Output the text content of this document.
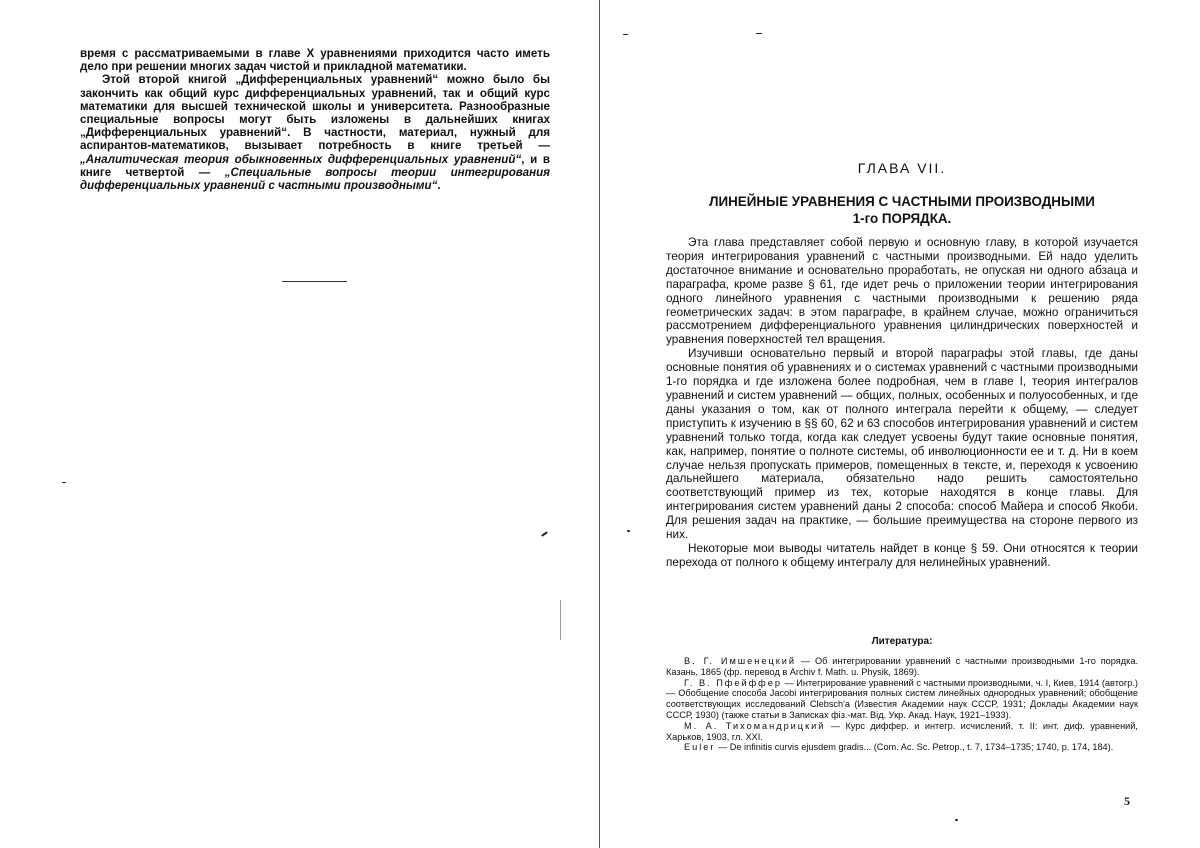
время с рассматриваемыми в главе X уравнениями приходится часто иметь дело при решении многих задач чистой и прикладной математики.

Этой второй книгой „Дифференциальных уравнений“ можно было бы закончить как общий курс дифференциальных уравнений, так и общий курс математики для высшей технической школы и университета. Разнообразные специальные вопросы могут быть изложены в дальнейших книгах „Дифференциальных уравнений“. В частности, материал, нужный для аспирантов-математиков, вызывает потребность в книге третьей — „Аналитическая теория обыкновенных дифференциальных уравнений“, и в книге четвертой — „Специальные вопросы теории интегрирования дифференциальных уравнений с частными производными“.

ГЛАВА VII.
ЛИНЕЙНЫЕ УРАВНЕНИЯ С ЧАСТНЫМИ ПРОИЗВОДНЫМИ
1-го ПОРЯДКА.

Эта глава представляет собой первую и основную главу, в которой изучается теория интегрирования уравнений с частными производными. Ей надо уделить достаточное внимание и основательно проработать, не опуская ни одного абзаца и параграфа, кроме разве § 61, где идет речь о приложении теории интегрирования одного линейного уравнения с частными производными к решению ряда геометрических задач: в этом параграфе, в крайнем случае, можно ограничиться рассмотрением дифференциального уравнения цилиндрических поверхностей и уравнения поверхностей тел вращения.

Изучивши основательно первый и второй параграфы этой главы, где даны основные понятия об уравнениях и о системах уравнений с частными производными 1-го порядка и где изложена более подробная, чем в главе I, теория интегралов уравнений и систем уравнений — общих, полных, особенных и полуособенных, и где даны указания о том, как от полного интеграла перейти к общему, — следует приступить к изучению в §§ 60, 62 и 63 способов интегрирования уравнений и систем уравнений только тогда, когда как следует усвоены будут такие основные понятия, как, например, понятие о полноте системы, об инволюционности ее и т. д. Ни в коем случае нельзя пропускать примеров, помещенных в тексте, и, переходя к усвоению дальнейшего материала, обязательно надо решить самостоятельно соответствующий пример из тех, которые находятся в конце главы. Для интегрирования систем уравнений даны 2 способа: способ Майера и способ Якоби. Для решения задач на практике, — большие преимущества на стороне первого из них.

Некоторые мои выводы читатель найдет в конце § 59. Они относятся к теории перехода от полного к общему интегралу для нелинейных уравнений.

Литература:

В. Г. Имшенецкий — Об интегрировании уравнений с частными производными 1-го порядка. Казань, 1865 (фр. перевод в Archiv f. Math. u. Physik, 1869).

Г. В. Пфейффер — Интегрирование уравнений с частными производными, ч. I, Киев, 1914 (автогр.) — Обобщение способа Jacobi интегрирования полных систем линейных однородных уравнений; обобщение соответствующих исследований Clebsch'a (Известия Академии наук СССР, 1931; Доклады Академии наук СССР, 1930) (также статьи в Записках фіз.-мат. Від. Укр. Акад. Наук, 1921–1933).

М. А. Тихомандрицкий — Курс диффер. и интегр. исчислений, т. II: инт. диф. уравнений, Харьков, 1903, гл. XXI.

Euler — De infinitis curvis ejusdem gradis... (Com. Ac. Sc. Petrop., t. 7, 1734–1735; 1740, p. 174, 184).

5
